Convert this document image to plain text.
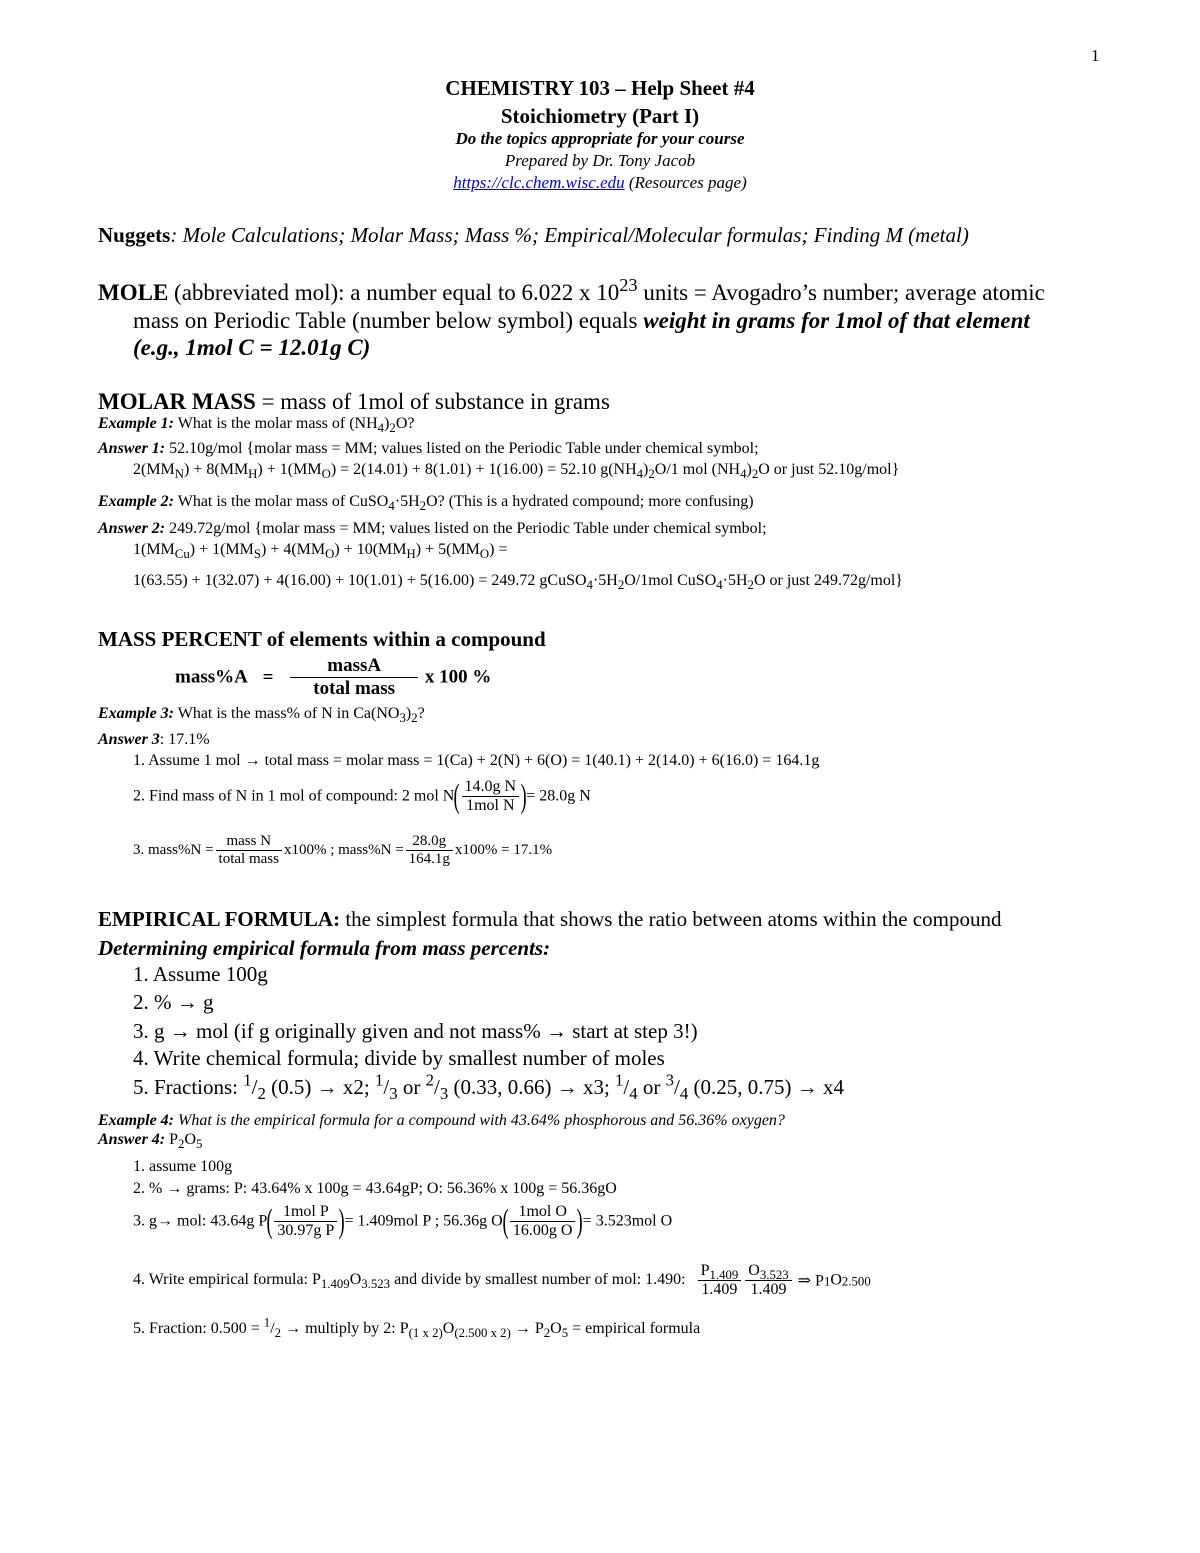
1
CHEMISTRY 103 – Help Sheet #4
Stoichiometry (Part I)
Do the topics appropriate for your course
Prepared by Dr. Tony Jacob
https://clc.chem.wisc.edu (Resources page)
Nuggets: Mole Calculations; Molar Mass; Mass %; Empirical/Molecular formulas; Finding M (metal)
MOLE (abbreviated mol): a number equal to 6.022 x $10^{23}$ units = Avogadro’s number; average atomic
mass on Periodic Table (number below symbol) equals weight in grams for 1mol of that element
(e.g., 1mol C = 12.01g C)
MOLAR MASS = mass of 1mol of substance in grams
Example 1: What is the molar mass of $(NH_4)_2O$?
Answer 1: 52.10g/mol {molar mass = MM; values listed on the Periodic Table under chemical symbol;
$2(MM_N) + 8(MM_H) + 1(MM_O) = 2(14.01) + 8(1.01) + 1(16.00) = 52.10$ $g(NH_4)_2O/1$ mol $(NH_4)_2O$ or just 52.10g/mol}
Example 2: What is the molar mass of $CuSO_4\cdot 5H_2O$? (This is a hydrated compound; more confusing)
Answer 2: 249.72g/mol {molar mass = MM; values listed on the Periodic Table under chemical symbol;
$1(MM_{Cu}) + 1(MM_S) + 4(MM_O) + 10(MM_H) + 5(MM_O)$ =
1(63.55) + 1(32.07) + 4(16.00) + 10(1.01) + 5(16.00) = 249.72 $gCuSO_4\cdot 5H_2O/1mol$ $CuSO_4\cdot 5H_2O$ or just 249.72g/mol}
MASS PERCENT of elements within a compound
mass%A = $\frac{\text{massA}}{\text{total mass}}$ x 100 %
Example 3: What is the mass% of N in $Ca(NO_3)_2$?
Answer 3: 17.1%
1. Assume 1 mol → total mass = molar mass = 1(Ca) + 2(N) + 6(O) = 1(40.1) + 2(14.0) + 6(16.0) = 164.1g
2. Find mass of N in 1 mol of compound: 2 mol $N( \frac{\text{14.0g N}}{\text{1mol N}}$ )= 28.0g N
3. mass%N = $\frac{\text{mass N}}{\text{total mass}} x100\%$ ; mass%N = $\frac{28.0g}{164.1g} x100\% = 17.1\%$
EMPIRICAL FORMULA: the simplest formula that shows the ratio between atoms within the compound
Determining empirical formula from mass percents:
1. Assume 100g
2. % → g
3. g → mol (if g originally given and not mass% → start at step 3!)
4. Write chemical formula; divide by smallest number of moles
5. Fractions: $^1/_2$ (0.5) → x2; $^1/_3$ or $^2/_3$ (0.33, 0.66) → x3; $^1/_4$ or $^3/_4$ (0.25, 0.75) → x4
Example 4: What is the empirical formula for a compound with 43.64% phosphorous and 56.36% oxygen?
Answer 4: $P_2O_5$
1. assume 100g
2. % → grams: P: 43.64% x 100g = 43.64gP; O: 56.36% x 100g = 56.36gO
3. g→ mol: 43.64g $P( \frac{\text{1mol P}}{\text{30.97g P}}$ )= 1.409mol P ; 56.36g $O( \frac{\text{1mol O}}{\text{16.00g O}}$ )= 3.523mol O
4. Write empirical formula: $P_{1.409}O_{3.523}$ and divide by smallest number of mol: 1.490: $\frac{P_{1.409}}{1.409} \frac{O_{3.523}}{1.409}$ ⇒ $P_1O_{2.500}$
5. Fraction: $0.500 = ^1/_2$ → multiply by 2: $P_{(1 x 2)}O_{(2.500 x 2)} \to P_2O_5$ = empirical formula
